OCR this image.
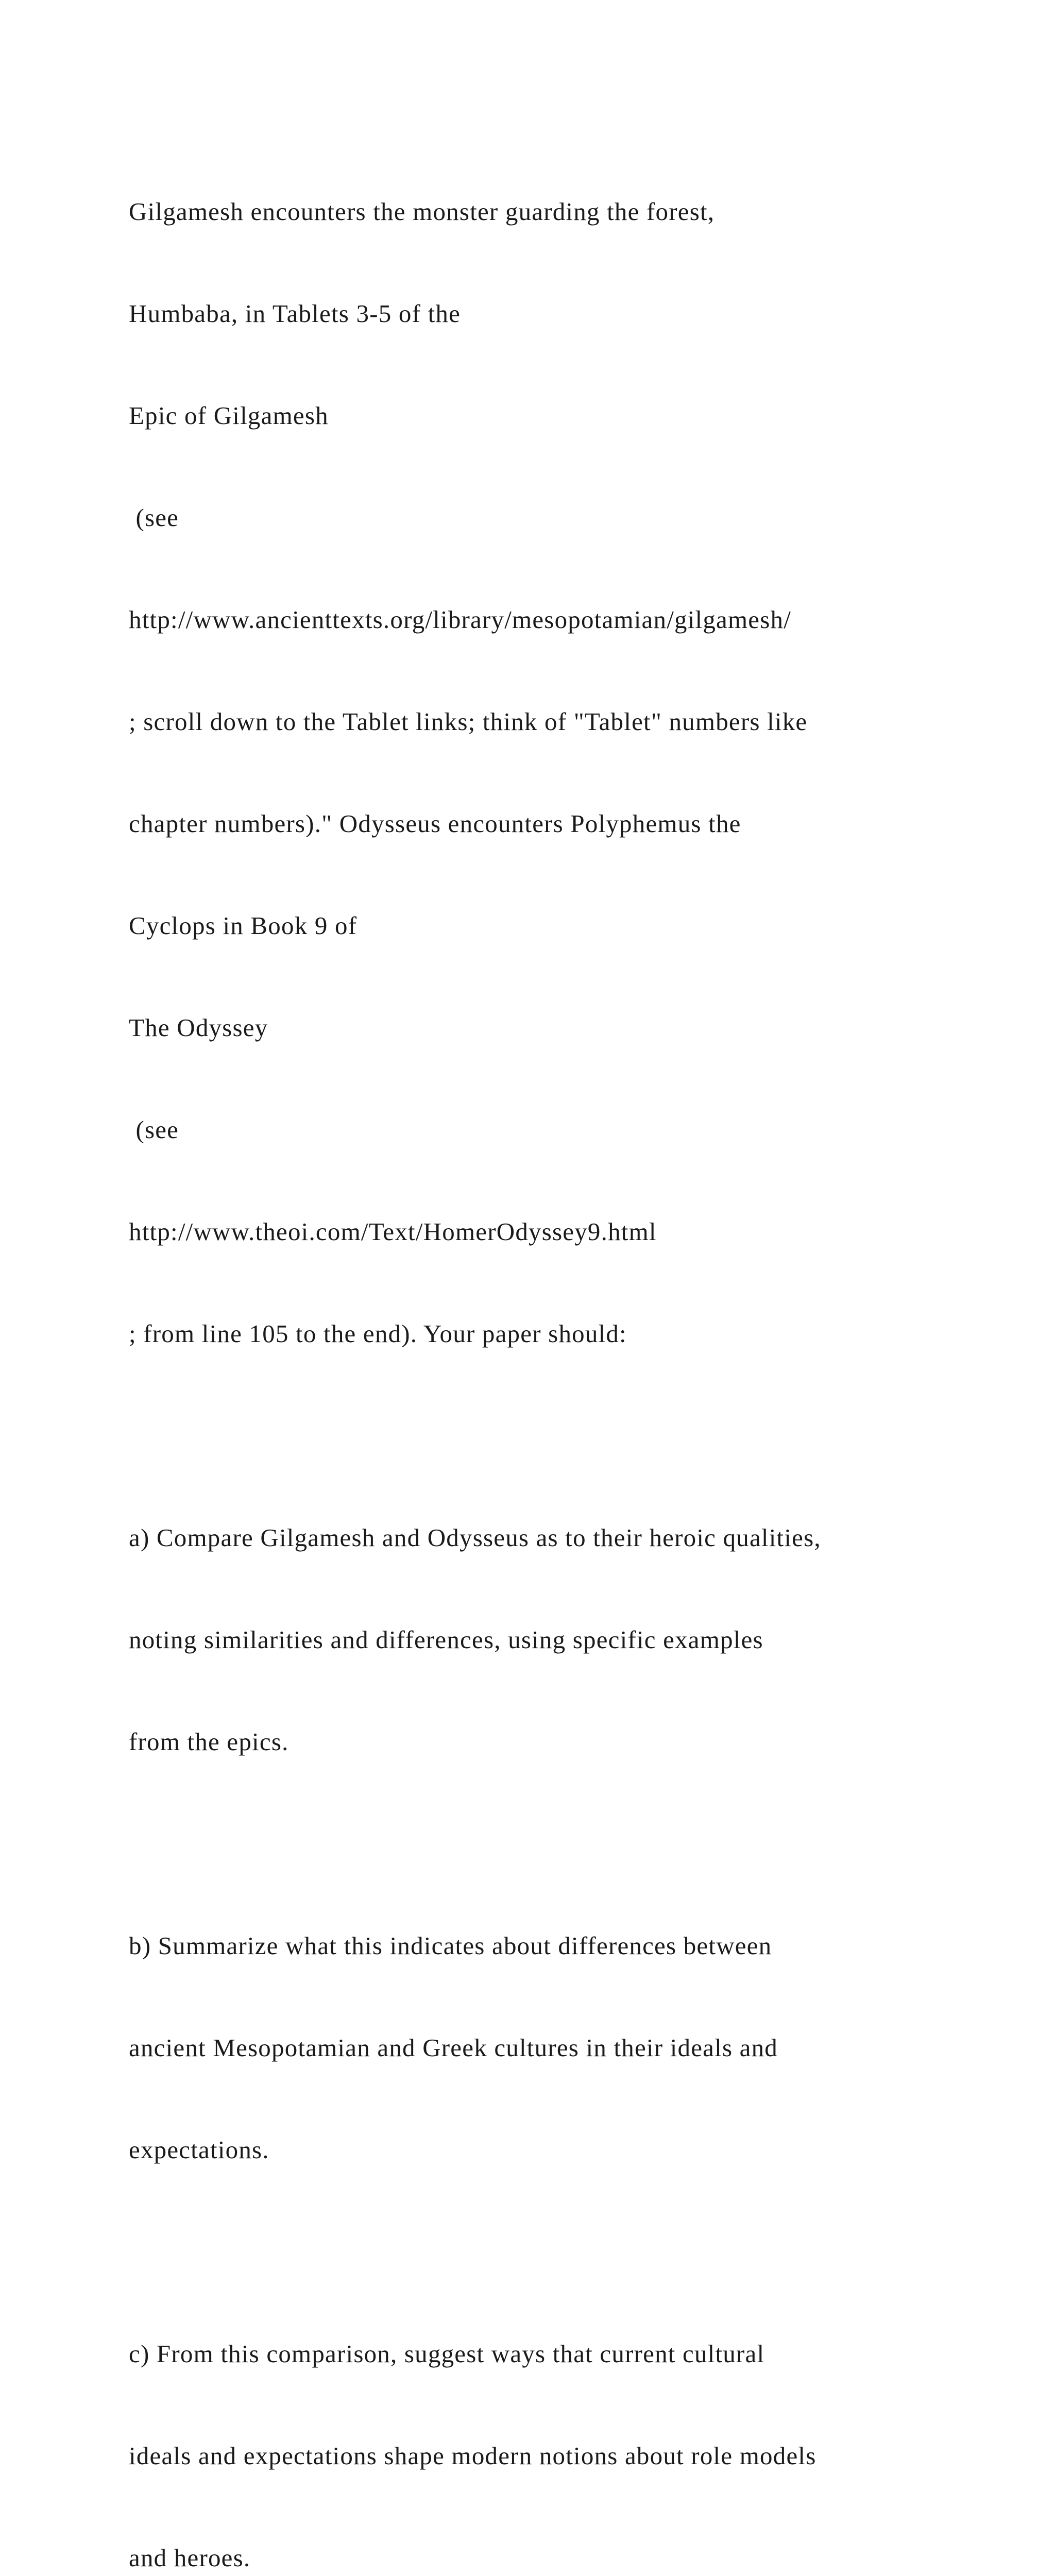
Gilgamesh encounters the monster guarding the forest,

Humbaba, in Tablets 3-5 of the

Epic of Gilgamesh

(see

http://www.ancienttexts.org/library/mesopotamian/gilgamesh/

; scroll down to the Tablet links; think of "Tablet" numbers like

chapter numbers)." Odysseus encounters Polyphemus the

Cyclops in Book 9 of

The Odyssey

(see

http://www.theoi.com/Text/HomerOdyssey9.html

; from line 105 to the end). Your paper should:

a) Compare Gilgamesh and Odysseus as to their heroic qualities,

noting similarities and differences, using specific examples

from the epics.

b) Summarize what this indicates about differences between

ancient Mesopotamian and Greek cultures in their ideals and

expectations.

c) From this comparison, suggest ways that current cultural

ideals and expectations shape modern notions about role models

and heroes.
